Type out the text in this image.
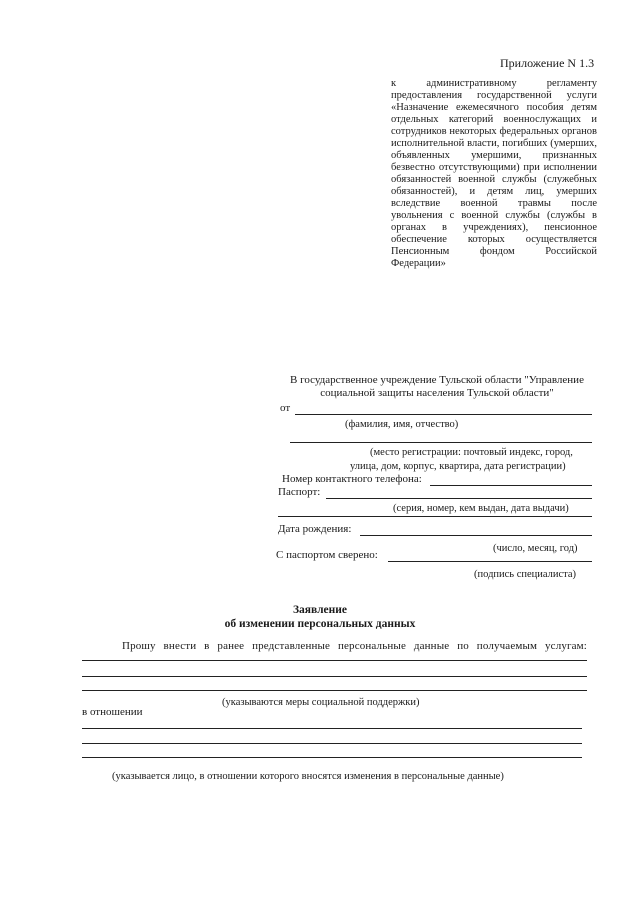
Приложение N 1.3
к административному регламенту предоставления государственной услуги «Назначение ежемесячного пособия детям отдельных категорий военнослужащих и сотрудников некоторых федеральных органов исполнительной власти, погибших (умерших, объявленных умершими, признанных безвестно отсутствующими) при исполнении обязанностей военной службы (служебных обязанностей), и детям лиц, умерших вследствие военной травмы после увольнения с военной службы (службы в органах в учреждениях), пенсионное обеспечение которых осуществляется Пенсионным фондом Российской Федерации»
В государственное учреждение Тульской области "Управление социальной защиты населения Тульской области"
от
(фамилия, имя, отчество)
(место регистрации: почтовый индекс, город,
улица, дом, корпус, квартира, дата регистрации)
Номер контактного телефона:
Паспорт:
(серия, номер, кем выдан, дата выдачи)
Дата рождения:
(число, месяц, год)
С паспортом сверено:
(подпись специалиста)
Заявление
об изменении персональных данных
Прошу внести в ранее представленные персональные данные по получаемым услугам:
(указываются меры социальной поддержки)
в отношении
(указывается лицо, в отношении которого вносятся изменения в персональные данные)
